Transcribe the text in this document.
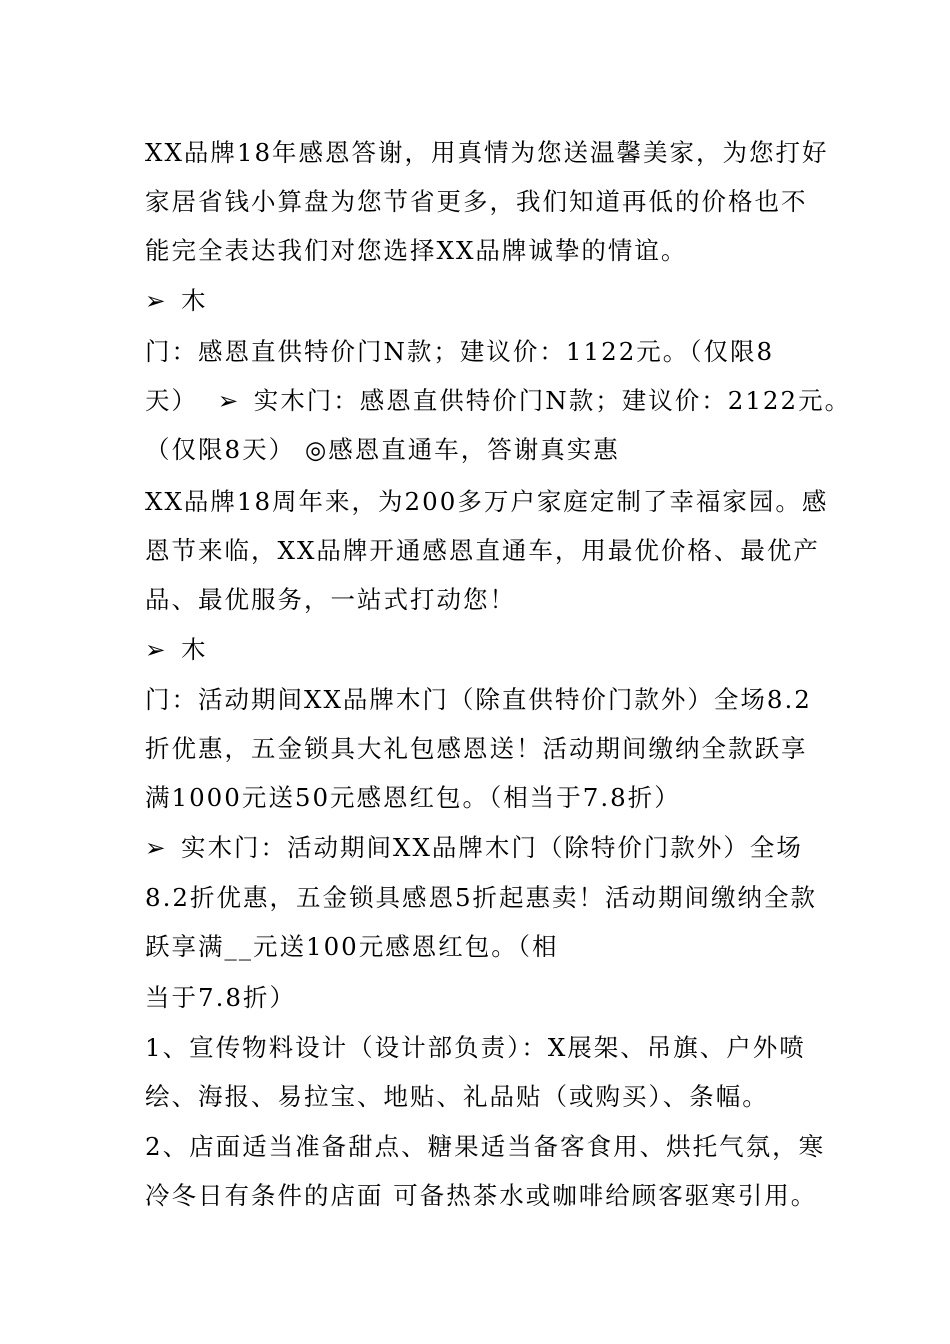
XX品牌18年感恩答谢，用真情为您送温馨美家，为您打好
家居省钱小算盘为您节省更多，我们知道再低的价格也不
能完全表达我们对您选择XX品牌诚挚的情谊。
➢ 木
门：感恩直供特价门N款；建议价：1122元。（仅限8
天） ➢ 实木门：感恩直供特价门N款；建议价：2122元。
（仅限8天） ◎感恩直通车，答谢真实惠
XX品牌18周年来，为200多万户家庭定制了幸福家园。感
恩节来临，XX品牌开通感恩直通车，用最优价格、最优产
品、最优服务，一站式打动您！
➢ 木
门：活动期间XX品牌木门（除直供特价门款外）全场8.2
折优惠，五金锁具大礼包感恩送！活动期间缴纳全款跃享
满1000元送50元感恩红包。（相当于7.8折）
➢ 实木门：活动期间XX品牌木门（除特价门款外）全场
8.2折优惠，五金锁具感恩5折起惠卖！活动期间缴纳全款
跃享满__元送100元感恩红包。（相
当于7.8折）
1、宣传物料设计（设计部负责）：X展架、吊旗、户外喷
绘、海报、易拉宝、地贴、礼品贴（或购买）、条幅。
2、店面适当准备甜点、糖果适当备客食用、烘托气氛，寒
冷冬日有条件的店面 可备热茶水或咖啡给顾客驱寒引用。
